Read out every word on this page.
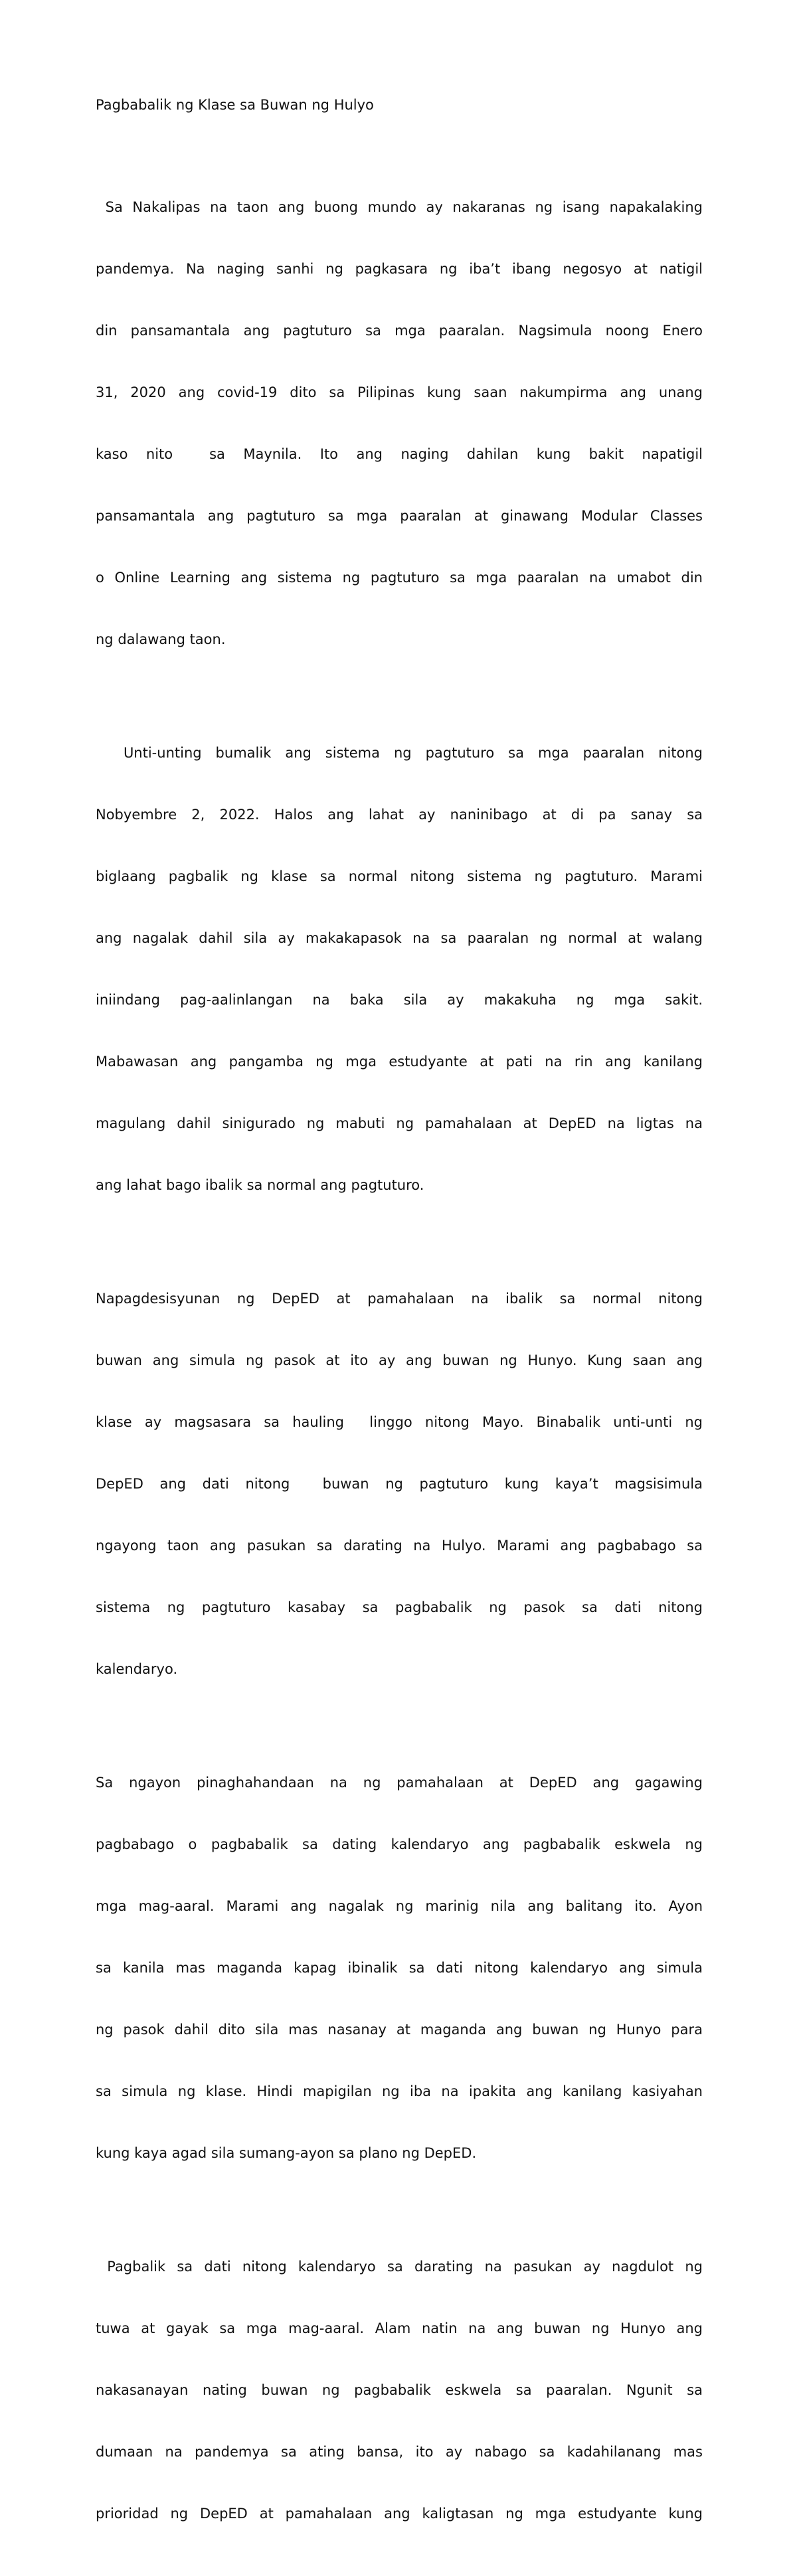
Pagbabalik ng Klase sa Buwan ng Hulyo

Sa Nakalipas na taon ang buong mundo ay nakaranas ng isang napakalaking

pandemya. Na naging sanhi ng pagkasara ng iba’t ibang negosyo at natigil

din pansamantala ang pagtuturo sa mga paaralan. Nagsimula noong Enero

31, 2020 ang covid-19 dito sa Pilipinas kung saan nakumpirma ang unang

kaso nito  sa Maynila. Ito ang naging dahilan kung bakit napatigil

pansamantala ang pagtuturo sa mga paaralan at ginawang Modular Classes

o Online Learning ang sistema ng pagtuturo sa mga paaralan na umabot din

ng dalawang taon.

Unti-unting bumalik ang sistema ng pagtuturo sa mga paaralan nitong

Nobyembre 2, 2022. Halos ang lahat ay naninibago at di pa sanay sa

biglaang pagbalik ng klase sa normal nitong sistema ng pagtuturo. Marami

ang nagalak dahil sila ay makakapasok na sa paaralan ng normal at walang

iniindang pag-aalinlangan na baka sila ay makakuha ng mga sakit.

Mabawasan ang pangamba ng mga estudyante at pati na rin ang kanilang

magulang dahil sinigurado ng mabuti ng pamahalaan at DepED na ligtas na

ang lahat bago ibalik sa normal ang pagtuturo.

Napagdesisyunan ng DepED at pamahalaan na ibalik sa normal nitong

buwan ang simula ng pasok at ito ay ang buwan ng Hunyo. Kung saan ang

klase ay magsasara sa hauling  linggo nitong Mayo. Binabalik unti-unti ng

DepED ang dati nitong  buwan ng pagtuturo kung kaya’t magsisimula

ngayong taon ang pasukan sa darating na Hulyo. Marami ang pagbabago sa

sistema ng pagtuturo kasabay sa pagbabalik ng pasok sa dati nitong

kalendaryo.

Sa ngayon pinaghahandaan na ng pamahalaan at DepED ang gagawing

pagbabago o pagbabalik sa dating kalendaryo ang pagbabalik eskwela ng

mga mag-aaral. Marami ang nagalak ng marinig nila ang balitang ito. Ayon

sa kanila mas maganda kapag ibinalik sa dati nitong kalendaryo ang simula

ng pasok dahil dito sila mas nasanay at maganda ang buwan ng Hunyo para

sa simula ng klase. Hindi mapigilan ng iba na ipakita ang kanilang kasiyahan

kung kaya agad sila sumang-ayon sa plano ng DepED.

Pagbalik sa dati nitong kalendaryo sa darating na pasukan ay nagdulot ng

tuwa at gayak sa mga mag-aaral. Alam natin na ang buwan ng Hunyo ang

nakasanayan nating buwan ng pagbabalik eskwela sa paaralan. Ngunit sa

dumaan na pandemya sa ating bansa, ito ay nabago sa kadahilanang mas

prioridad ng DepED at pamahalaan ang kaligtasan ng mga estudyante kung
